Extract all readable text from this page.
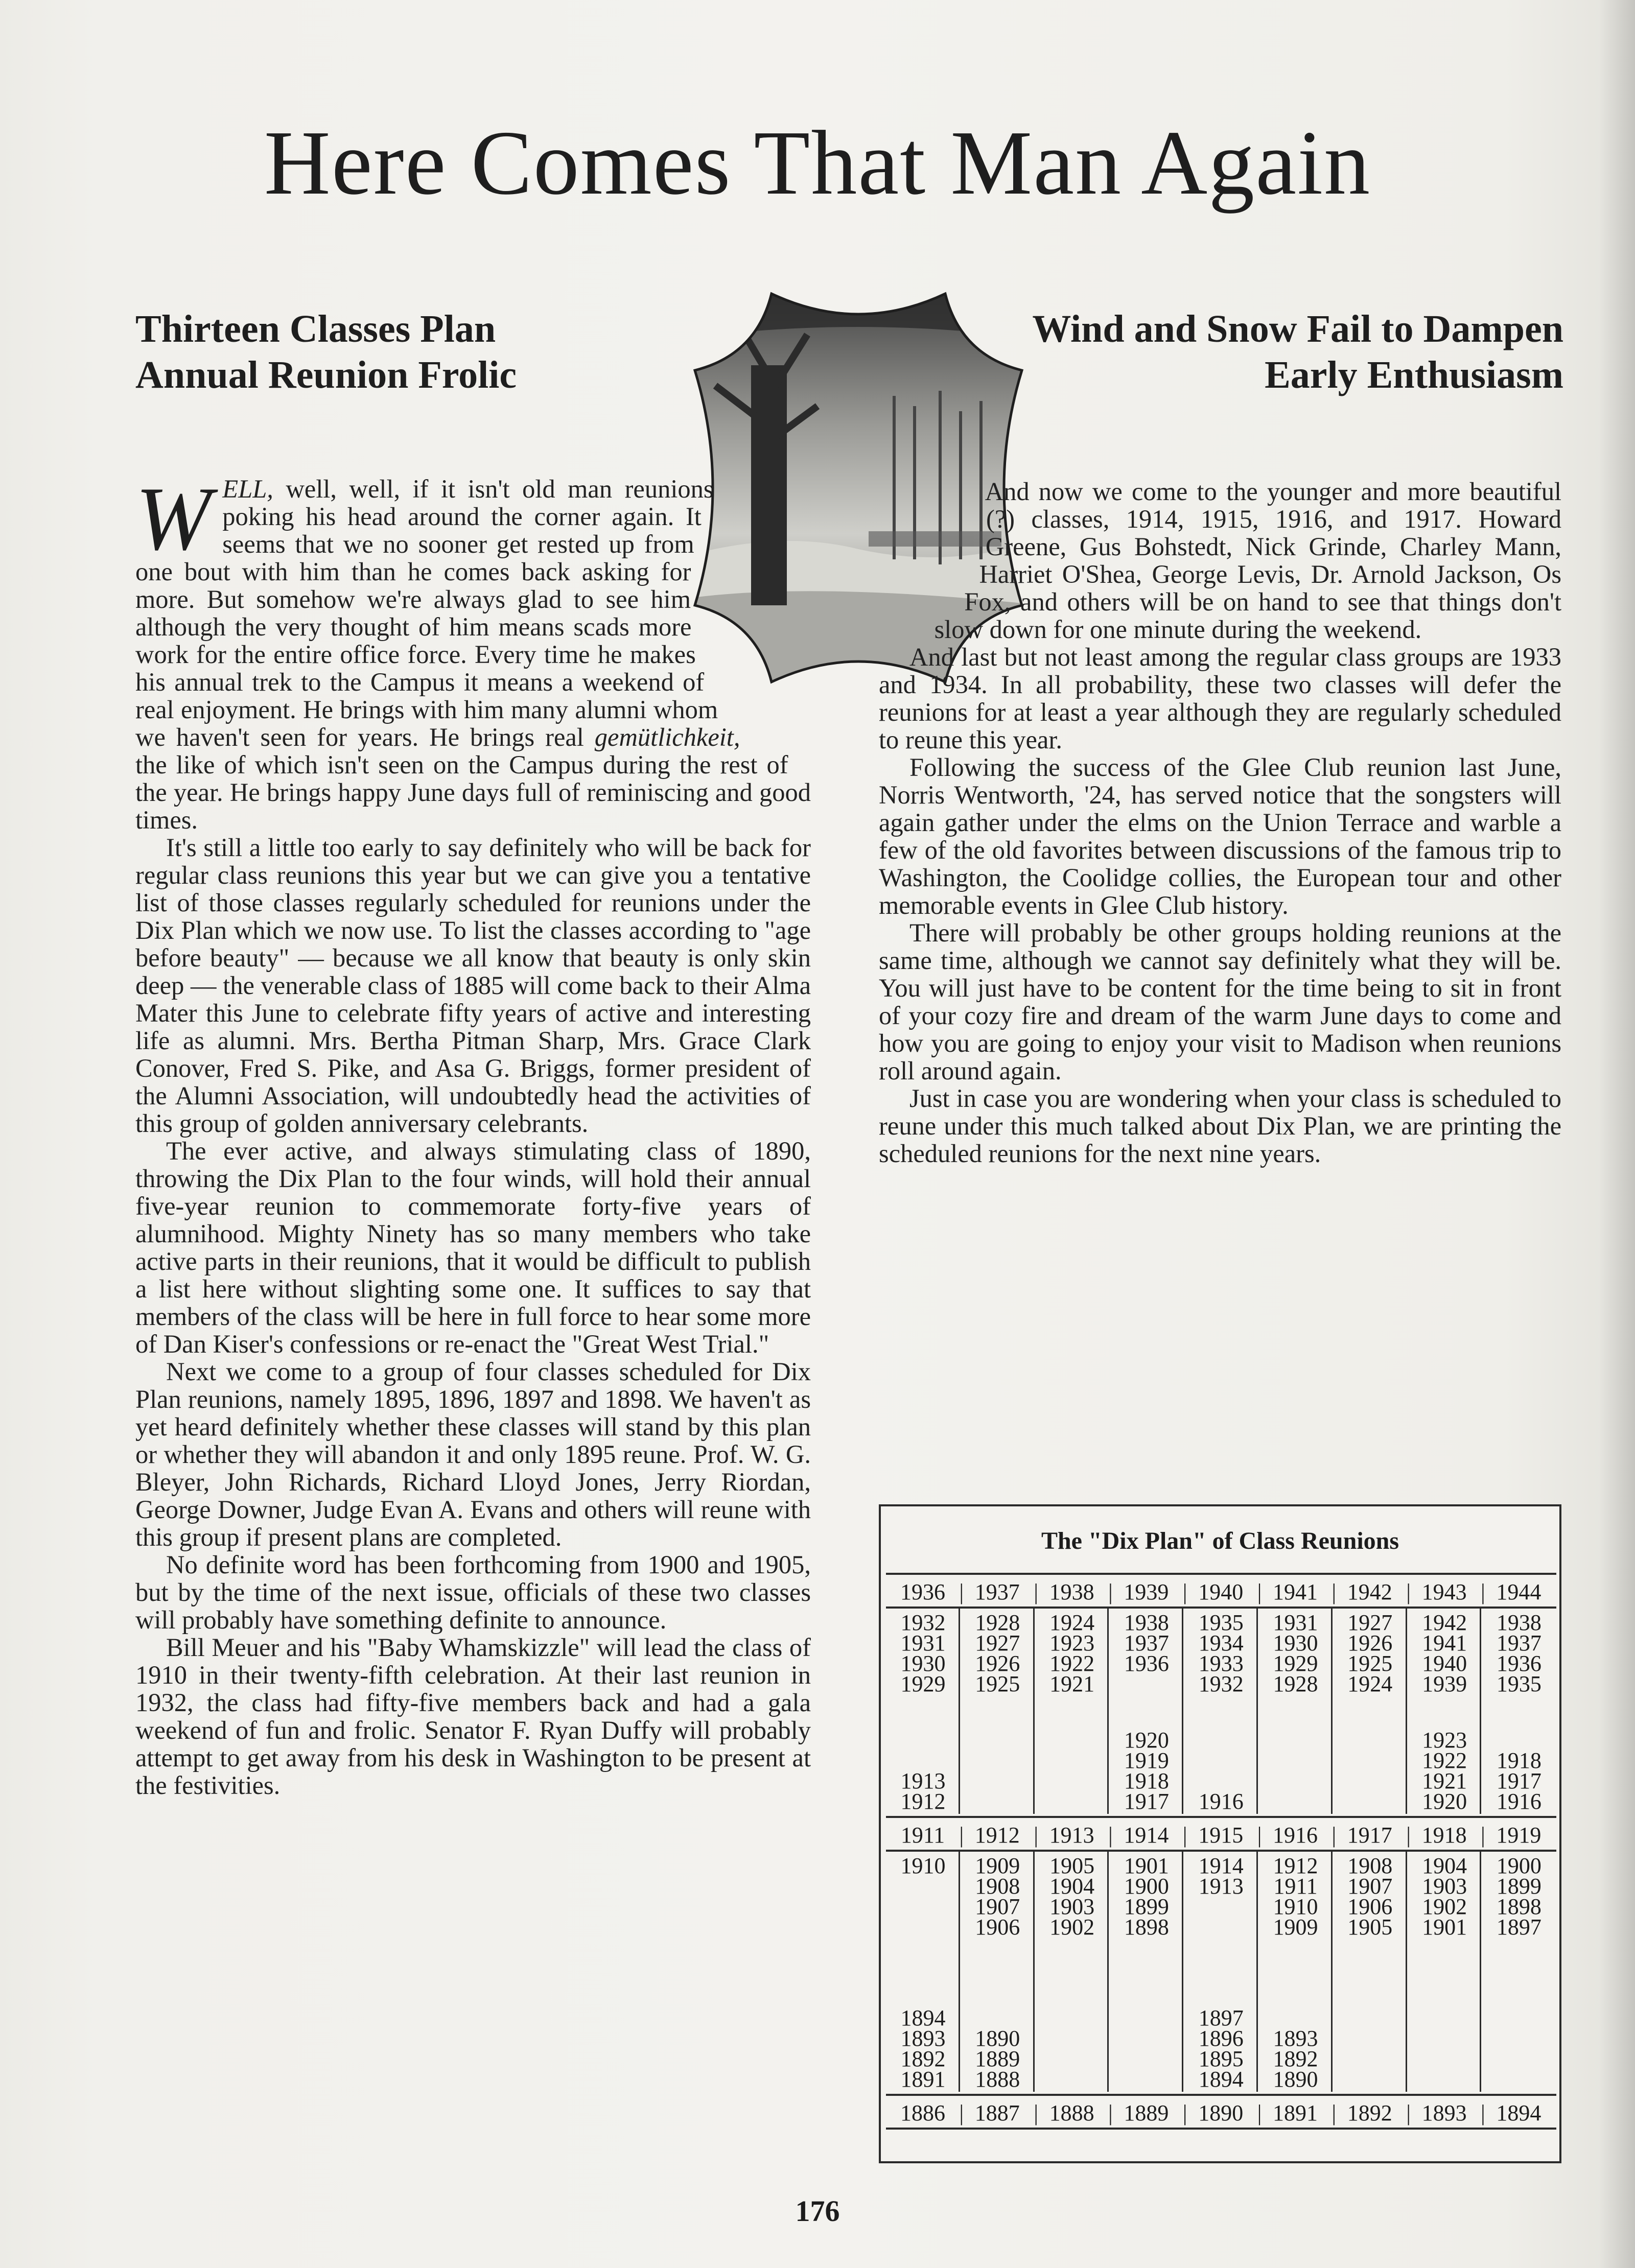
Here Comes That Man Again
Thirteen Classes Plan Annual Reunion Frolic
Wind and Snow Fail to Dampen Early Enthusiasm

WELL, well, well, if it isn't old man reunions poking his head around the corner again. It seems that we no sooner get rested up from one bout with him than he comes back asking for more. But somehow we're always glad to see him although the very thought of him means scads more work for the entire office force. Every time he makes his annual trek to the Campus it means a weekend of real enjoyment. He brings with him many alumni whom we haven't seen for years. He brings real gemütlichkeit, the like of which isn't seen on the Campus during the rest of the year. He brings happy June days full of reminiscing and good times.

It's still a little too early to say definitely who will be back for regular class reunions this year but we can give you a tentative list of those classes regularly scheduled for reunions under the Dix Plan which we now use. To list the classes according to "age before beauty" — because we all know that beauty is only skin deep — the venerable class of 1885 will come back to their Alma Mater this June to celebrate fifty years of active and interesting life as alumni. Mrs. Bertha Pitman Sharp, Mrs. Grace Clark Conover, Fred S. Pike, and Asa G. Briggs, former president of the Alumni Association, will undoubtedly head the activities of this group of golden anniversary celebrants.

The ever active, and always stimulating class of 1890, throwing the Dix Plan to the four winds, will hold their annual five-year reunion to commemorate forty-five years of alumnihood. Mighty Ninety has so many members who take active parts in their reunions, that it would be difficult to publish a list here without slighting some one. It suffices to say that members of the class will be here in full force to hear some more of Dan Kiser's confessions or re-enact the "Great West Trial."

Next we come to a group of four classes scheduled for Dix Plan reunions, namely 1895, 1896, 1897 and 1898. We haven't as yet heard definitely whether these classes will stand by this plan or whether they will abandon it and only 1895 reune. Prof. W. G. Bleyer, John Richards, Richard Lloyd Jones, Jerry Riordan, George Downer, Judge Evan A. Evans and others will reune with this group if present plans are completed.

No definite word has been forthcoming from 1900 and 1905, but by the time of the next issue, officials of these two classes will probably have something definite to announce.

Bill Meuer and his "Baby Whamskizzle" will lead the class of 1910 in their twenty-fifth celebration. At their last reunion in 1932, the class had fifty-five members back and had a gala weekend of fun and frolic. Senator F. Ryan Duffy will probably attempt to get away from his desk in Washington to be present at the festivities.

And now we come to the younger and more beautiful (?) classes, 1914, 1915, 1916, and 1917. Howard Greene, Gus Bohstedt, Nick Grinde, Charley Mann, Harriet O'Shea, George Levis, Dr. Arnold Jackson, Os Fox, and others will be on hand to see that things don't slow down for one minute during the weekend.

And last but not least among the regular class groups are 1933 and 1934. In all probability, these two classes will defer the reunions for at least a year although they are regularly scheduled to reune this year.

Following the success of the Glee Club reunion last June, Norris Wentworth, '24, has served notice that the songsters will again gather under the elms on the Union Terrace and warble a few of the old favorites between discussions of the famous trip to Washington, the Coolidge collies, the European tour and other memorable events in Glee Club history.

There will probably be other groups holding reunions at the same time, although we cannot say definitely what they will be. You will just have to be content for the time being to sit in front of your cozy fire and dream of the warm June days to come and how you are going to enjoy your visit to Madison when reunions roll around again.

Just in case you are wondering when your class is scheduled to reune under this much talked about Dix Plan, we are printing the scheduled reunions for the next nine years.

The "Dix Plan" of Class Reunions
1936 | 1937 | 1938 | 1939 | 1940 | 1941 | 1942 | 1943 | 1944
1932
1931
1930
1929
1913
1912
1928
1927
1926
1925
1924
1923
1922
1921
1938
1937
1936
1920
1919
1918
1917
1935
1934
1933
1932
1916
1931
1930
1929
1928
1927
1926
1925
1924
1942
1941
1940
1939
1923
1922
1921
1920
1938
1937
1936
1935
1918
1917
1916
1911 | 1912 | 1913 | 1914 | 1915 | 1916 | 1917 | 1918 | 1919
1910
1894
1893
1892
1891
1909
1908
1907
1906
1890
1889
1888
1905
1904
1903
1902
1901
1900
1899
1898
1914
1913
1897
1896
1895
1894
1912
1911
1910
1909
1893
1892
1890
1908
1907
1906
1905
1904
1903
1902
1901
1900
1899
1898
1897
1886 | 1887 | 1888 | 1889 | 1890 | 1891 | 1892 | 1893 | 1894
176
